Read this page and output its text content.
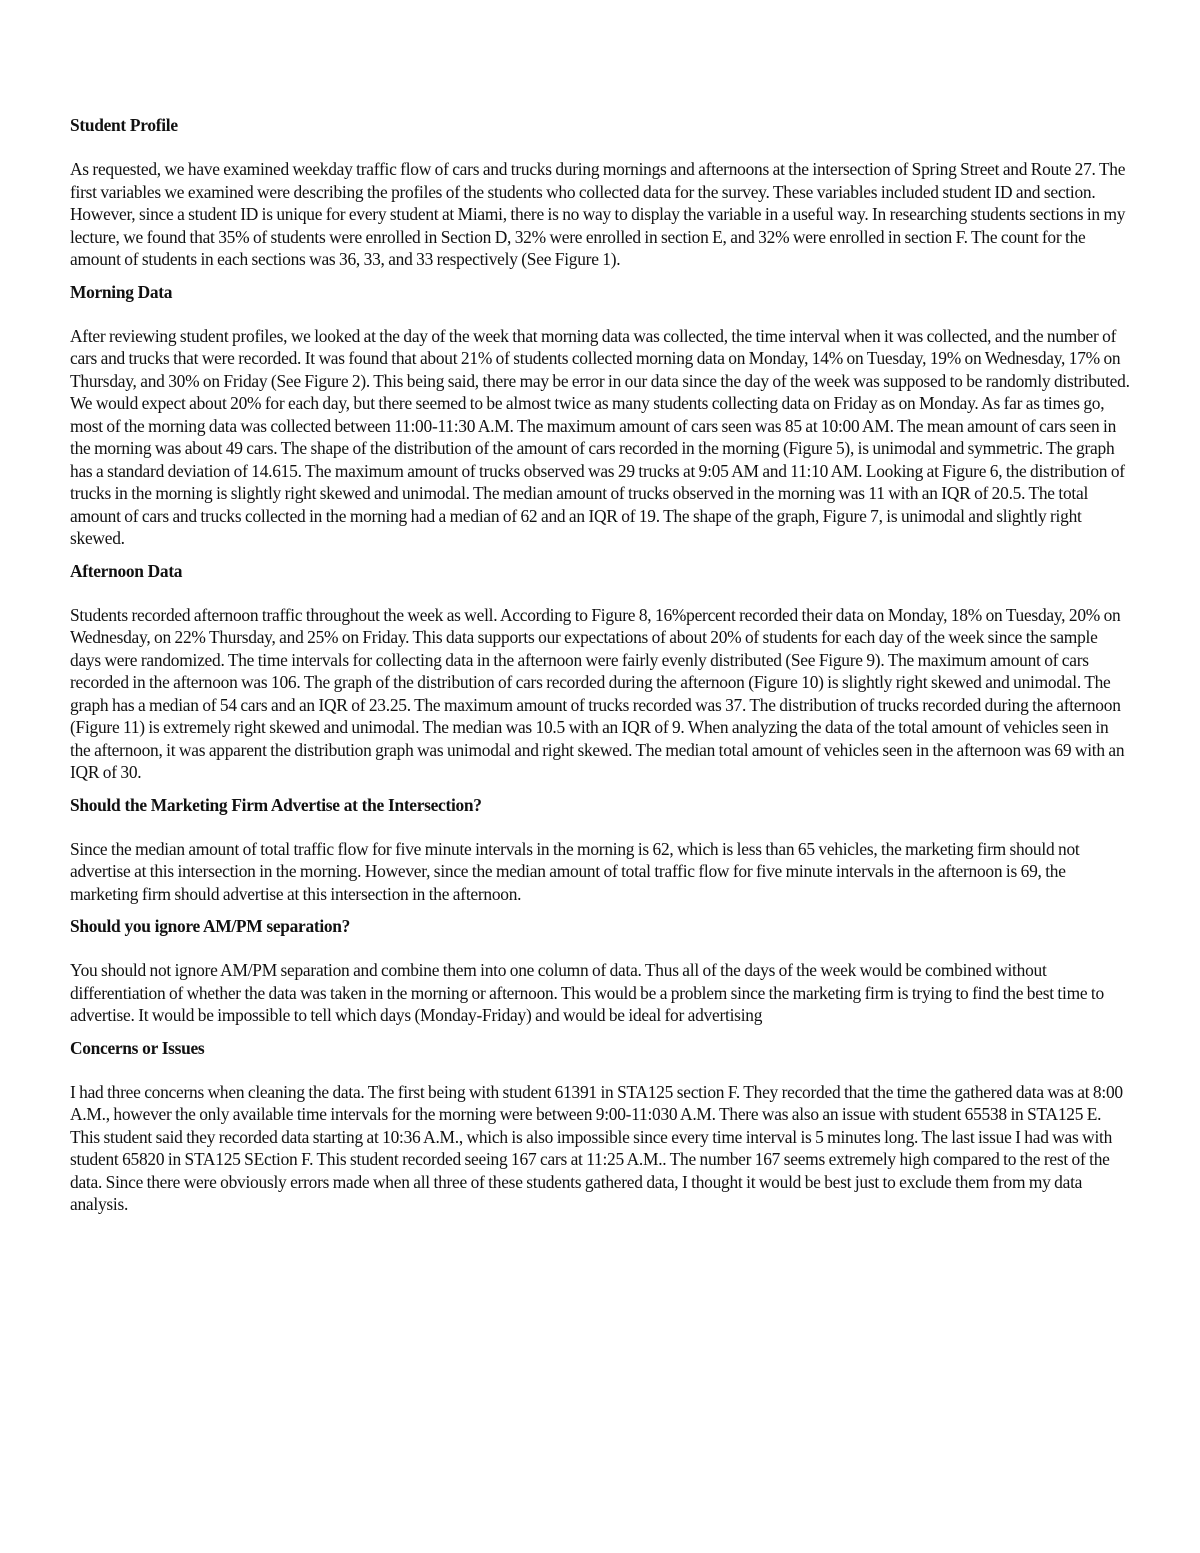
Student Profile

As requested, we have examined weekday traffic flow of cars and trucks during mornings and afternoons at the intersection of Spring Street and Route 27. The first variables we examined were describing the profiles of the students who collected data for the survey. These variables included student ID and section. However, since a student ID is unique for every student at Miami, there is no way to display the variable in a useful way. In researching students sections in my lecture, we found that 35% of students were enrolled in Section D, 32% were enrolled in section E, and 32% were enrolled in section F. The count for the amount of students in each sections was 36, 33, and 33 respectively (See Figure 1).

Morning Data

After reviewing student profiles, we looked at the day of the week that morning data was collected, the time interval when it was collected, and the number of cars and trucks that were recorded. It was found that about 21% of students collected morning data on Monday, 14% on Tuesday, 19% on Wednesday, 17% on Thursday, and 30% on Friday (See Figure 2). This being said, there may be error in our data since the day of the week was supposed to be randomly distributed. We would expect about 20% for each day, but there seemed to be almost twice as many students collecting data on Friday as on Monday. As far as times go, most of the morning data was collected between 11:00-11:30 A.M. The maximum amount of cars seen was 85 at 10:00 AM. The mean amount of cars seen in the morning was about 49 cars. The shape of the distribution of the amount of cars recorded in the morning (Figure 5), is unimodal and symmetric. The graph has a standard deviation of 14.615. The maximum amount of trucks observed was 29 trucks at 9:05 AM and 11:10 AM. Looking at Figure 6, the distribution of trucks in the morning is slightly right skewed and unimodal. The median amount of trucks observed in the morning was 11 with an IQR of 20.5. The total amount of cars and trucks collected in the morning had a median of 62 and an IQR of 19. The shape of the graph, Figure 7, is unimodal and slightly right skewed.

Afternoon Data

Students recorded afternoon traffic throughout the week as well. According to Figure 8, 16%percent recorded their data on Monday, 18% on Tuesday, 20% on Wednesday, on 22% Thursday, and 25% on Friday. This data supports our expectations of about 20% of students for each day of the week since the sample days were randomized. The time intervals for collecting data in the afternoon were fairly evenly distributed (See Figure 9). The maximum amount of cars recorded in the afternoon was 106. The graph of the distribution of cars recorded during the afternoon (Figure 10) is slightly right skewed and unimodal. The graph has a median of 54 cars and an IQR of 23.25. The maximum amount of trucks recorded was 37. The distribution of trucks recorded during the afternoon (Figure 11) is extremely right skewed and unimodal. The median was 10.5 with an IQR of 9. When analyzing the data of the total amount of vehicles seen in the afternoon, it was apparent the distribution graph was unimodal and right skewed. The median total amount of vehicles seen in the afternoon was 69 with an IQR of 30.

Should the Marketing Firm Advertise at the Intersection?

Since the median amount of total traffic flow for five minute intervals in the morning is 62, which is less than 65 vehicles, the marketing firm should not advertise at this intersection in the morning. However, since the median amount of total traffic flow for five minute intervals in the afternoon is 69, the marketing firm should advertise at this intersection in the afternoon.

Should you ignore AM/PM separation?

You should not ignore AM/PM separation and combine them into one column of data. Thus all of the days of the week would be combined without differentiation of whether the data was taken in the morning or afternoon. This would be a problem since the marketing firm is trying to find the best time to advertise. It would be impossible to tell which days (Monday-Friday) and would be ideal for advertising

Concerns or Issues

I had three concerns when cleaning the data. The first being with student 61391 in STA125 section F. They recorded that the time the gathered data was at 8:00 A.M., however the only available time intervals for the morning were between 9:00-11:030 A.M. There was also an issue with student 65538 in STA125 E. This student said they recorded data starting at 10:36 A.M., which is also impossible since every time interval is 5 minutes long. The last issue I had was with student 65820 in STA125 SEction F. This student recorded seeing 167 cars at 11:25 A.M.. The number 167 seems extremely high compared to the rest of the data. Since there were obviously errors made when all three of these students gathered data, I thought it would be best just to exclude them from my data analysis.
